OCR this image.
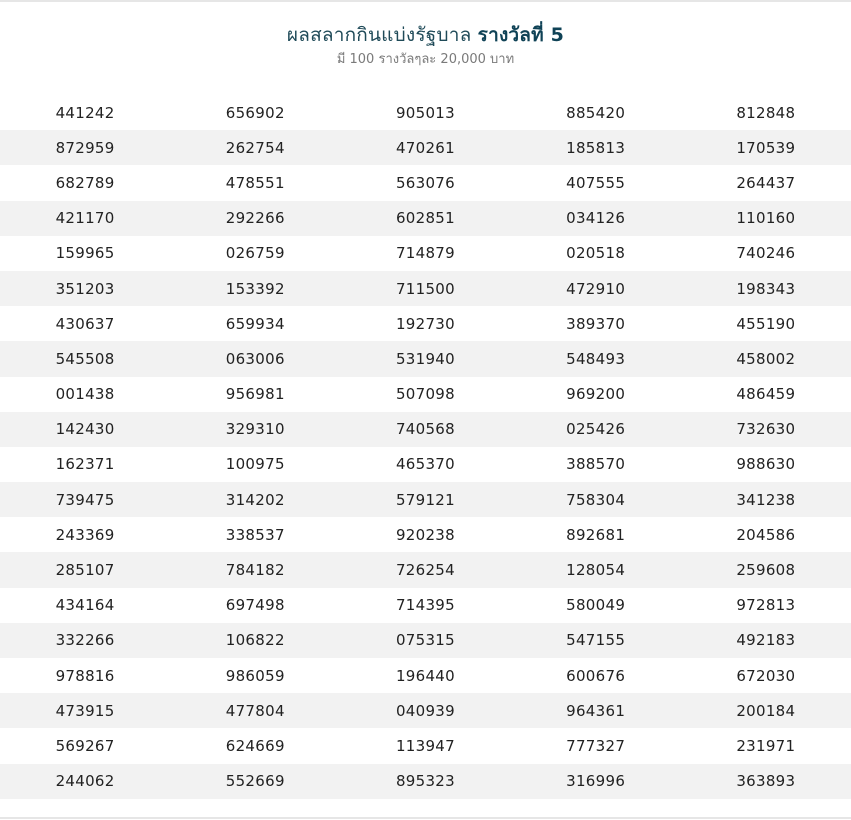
ผลสลากกินแบ่งรัฐบาล รางวัลที่ 5
มี 100 รางวัลๆละ 20,000 บาท
441242	656902	905013	885420	812848
872959	262754	470261	185813	170539
682789	478551	563076	407555	264437
421170	292266	602851	034126	110160
159965	026759	714879	020518	740246
351203	153392	711500	472910	198343
430637	659934	192730	389370	455190
545508	063006	531940	548493	458002
001438	956981	507098	969200	486459
142430	329310	740568	025426	732630
162371	100975	465370	388570	988630
739475	314202	579121	758304	341238
243369	338537	920238	892681	204586
285107	784182	726254	128054	259608
434164	697498	714395	580049	972813
332266	106822	075315	547155	492183
978816	986059	196440	600676	672030
473915	477804	040939	964361	200184
569267	624669	113947	777327	231971
244062	552669	895323	316996	363893
